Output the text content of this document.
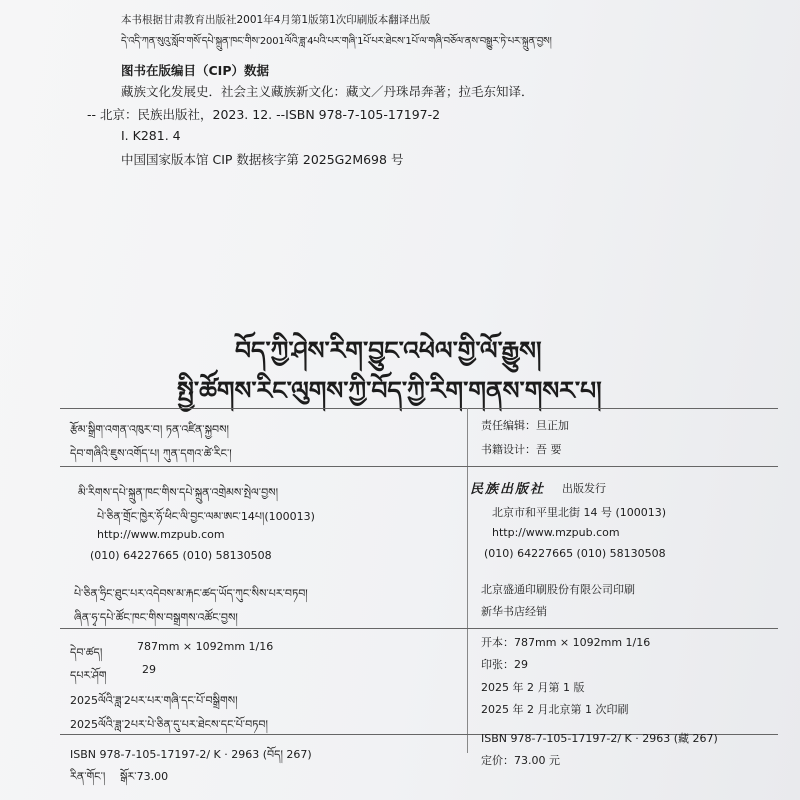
本书根据甘肃教育出版社2001年4月第1版第1次印刷版本翻译出版
དེ་འདི་ཀན་སུའུ་སློབ་གསོ་དཔེ་སྐྲུན་ཁང་གིས་2001ལོའི་ཟླ་4པའི་པར་གཞི་1པོ་པར་ཐེངས་1པོ་ལ་གཞི་བཅོལ་ནས་བསྒྱུར་ཏེ་པར་སྐྲུན་བྱས།
图书在版编目（CIP）数据
藏族文化发展史．社会主义藏族新文化：藏文／丹珠昂奔著；拉毛东知译．
-- 北京：民族出版社，2023. 12. --ISBN 978-7-105-17197-2
Ⅰ. K281. 4
中国国家版本馆 CIP 数据核字第 2025G2M698 号
བོད་ཀྱི་ཤེས་རིག་བྱུང་འཕེལ་གྱི་ལོ་རྒྱུས།
སྤྱི་ཚོགས་རིང་ལུགས་ཀྱི་བོད་ཀྱི་རིག་གནས་གསར་པ།
རྩོམ་སྒྲིག་འགན་འཁུར་བ། ཏན་འཛིན་སྐྱབས།
དེབ་གཞིའི་ཇུས་འགོད་པ། ཀུན་དགའ་ཚེ་རིང་།
责任编辑：旦正加
书籍设计：吾 要
མི་རིགས་དཔེ་སྐྲུན་ཁང་གིས་དཔེ་སྐྲུན་འགྲེམས་སྤེལ་བྱས།
པེ་ཅིན་གྲོང་ཁྱེར་ཧོ་ཕིང་ལི་བྱང་ལམ་ཨང་14པ།(100013)
http://www.mzpub.com
(010) 64227665 (010) 58130508
民族出版社 出版发行
北京市和平里北街 14 号 (100013)
http://www.mzpub.com
(010) 64227665 (010) 58130508
པེ་ཅིན་ཧྲིང་ཐུང་པར་འདེབས་མ་རྐང་ཚད་ཡོད་ཀུང་སིས་པར་བཏབ།
ཞིན་ཧྭ་དཔེ་ཚོང་ཁང་གིས་བསྒྲགས་འཚོང་བྱས།
北京盛通印刷股份有限公司印刷
新华书店经销
དེབ་ཚད།	787mm × 1092mm 1/16
དཔར་ཤོག	29
2025ལོའི་ཟླ་2པར་པར་གཞི་དང་པོ་བསྒྲིགས།
2025ལོའི་ཟླ་2པར་པེ་ཅིན་དུ་པར་ཐེངས་དང་པོ་བཏབ།
开本：787mm × 1092mm 1/16
印张：29
2025 年 2 月第 1 版
2025 年 2 月北京第 1 次印刷
ISBN 978-7-105-17197-2/ K · 2963 (བོད། 267)
ISBN 978-7-105-17197-2/ K · 2963 (藏 267)
རིན་གོང་། སྒོར་73.00
定价：73.00 元
